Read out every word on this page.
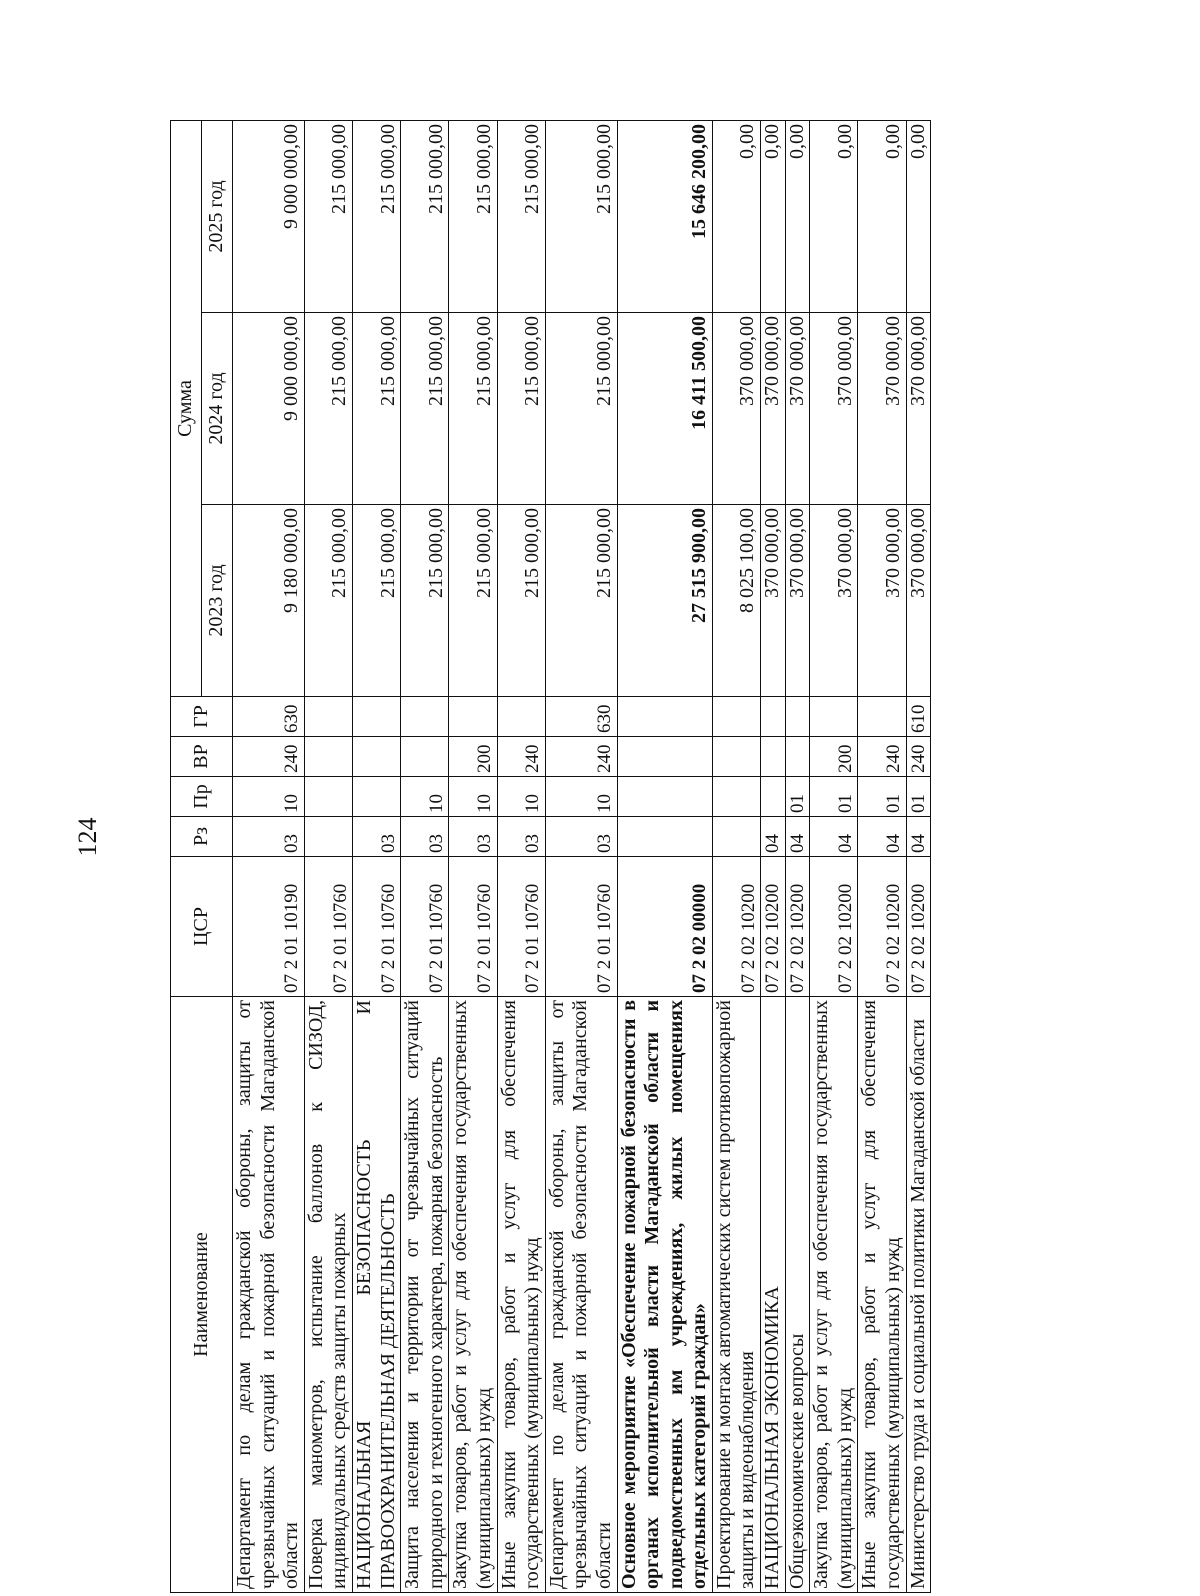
124
Наименование	ЦСР	Рз	Пр	ВР	ГР	Сумма		
						2023 год	2024 год	2025 год
Департамент по делам гражданской обороны, защиты от чрезвычайных ситуаций и пожарной безопасности Магаданской области	07 2 01 10190	03	10	240	630	9 180 000,00	9 000 000,00	9 000 000,00
Поверка манометров, испытание баллонов к СИЗОД, индивидуальных средств защиты пожарных	07 2 01 10760					215 000,00	215 000,00	215 000,00
НАЦИОНАЛЬНАЯ БЕЗОПАСНОСТЬ И ПРАВООХРАНИТЕЛЬНАЯ ДЕЯТЕЛЬНОСТЬ	07 2 01 10760	03				215 000,00	215 000,00	215 000,00
Защита населения и территории от чрезвычайных ситуаций природного и техногенного характера, пожарная безопасность	07 2 01 10760	03	10			215 000,00	215 000,00	215 000,00
Закупка товаров, работ и услуг для обеспечения государственных (муниципальных) нужд	07 2 01 10760	03	10	200		215 000,00	215 000,00	215 000,00
Иные закупки товаров, работ и услуг для обеспечения государственных (муниципальных) нужд	07 2 01 10760	03	10	240		215 000,00	215 000,00	215 000,00
Департамент по делам гражданской обороны, защиты от чрезвычайных ситуаций и пожарной безопасности Магаданской области	07 2 01 10760	03	10	240	630	215 000,00	215 000,00	215 000,00
Основное мероприятие «Обеспечение пожарной безопасности в органах исполнительной власти Магаданской области и подведомственных им учреждениях, жилых помещениях отдельных категорий граждан»	07 2 02 00000					27 515 900,00	16 411 500,00	15 646 200,00
Проектирование и монтаж автоматических систем противопожарной защиты и видеонаблюдения	07 2 02 10200					8 025 100,00	370 000,00	0,00
НАЦИОНАЛЬНАЯ ЭКОНОМИКА	07 2 02 10200	04				370 000,00	370 000,00	0,00
Общеэкономические вопросы	07 2 02 10200	04	01			370 000,00	370 000,00	0,00
Закупка товаров, работ и услуг для обеспечения государственных (муниципальных) нужд	07 2 02 10200	04	01	200		370 000,00	370 000,00	0,00
Иные закупки товаров, работ и услуг для обеспечения государственных (муниципальных) нужд	07 2 02 10200	04	01	240		370 000,00	370 000,00	0,00
Министерство труда и социальной политики Магаданской области	07 2 02 10200	04	01	240	610	370 000,00	370 000,00	0,00
